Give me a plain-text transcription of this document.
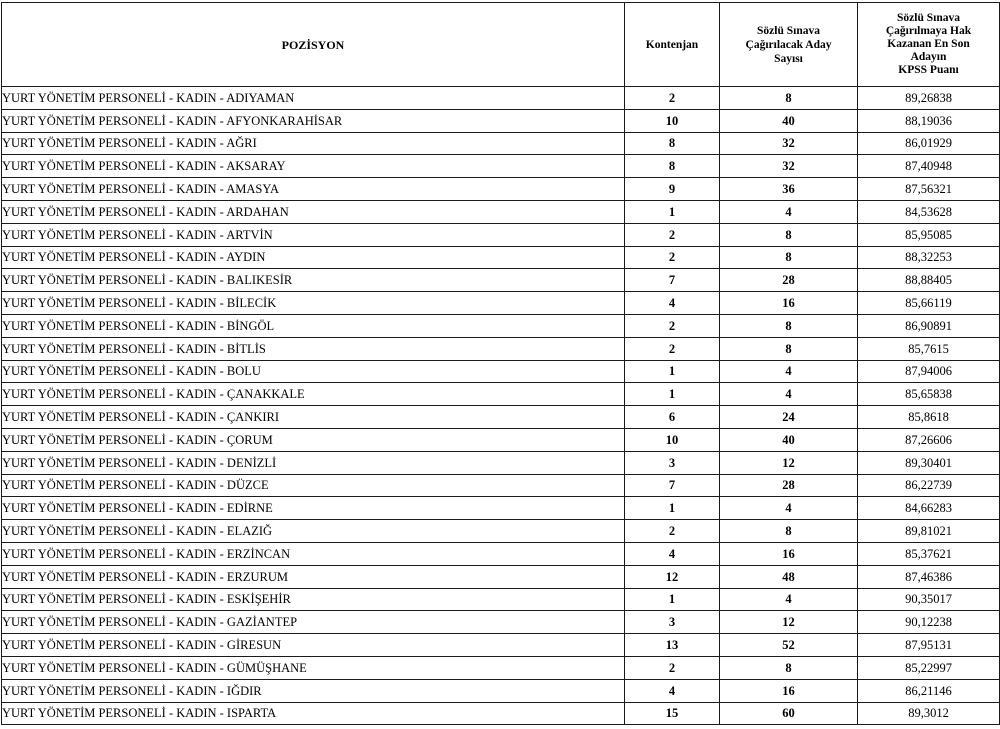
POZİSYON	Kontenjan	Sözlü Sınava
Çağırılacak Aday
Sayısı	Sözlü Sınava
Çağırılmaya Hak
Kazanan En Son
Adayın
KPSS Puanı

YURT YÖNETİM PERSONELİ - KADIN - ADIYAMAN	2	8	89,26838
YURT YÖNETİM PERSONELİ - KADIN - AFYONKARAHİSAR	10	40	88,19036
YURT YÖNETİM PERSONELİ - KADIN - AĞRI	8	32	86,01929
YURT YÖNETİM PERSONELİ - KADIN - AKSARAY	8	32	87,40948
YURT YÖNETİM PERSONELİ - KADIN - AMASYA	9	36	87,56321
YURT YÖNETİM PERSONELİ - KADIN - ARDAHAN	1	4	84,53628
YURT YÖNETİM PERSONELİ - KADIN - ARTVİN	2	8	85,95085
YURT YÖNETİM PERSONELİ - KADIN - AYDIN	2	8	88,32253
YURT YÖNETİM PERSONELİ - KADIN - BALIKESİR	7	28	88,88405
YURT YÖNETİM PERSONELİ - KADIN - BİLECİK	4	16	85,66119
YURT YÖNETİM PERSONELİ - KADIN - BİNGÖL	2	8	86,90891
YURT YÖNETİM PERSONELİ - KADIN - BİTLİS	2	8	85,7615
YURT YÖNETİM PERSONELİ - KADIN - BOLU	1	4	87,94006
YURT YÖNETİM PERSONELİ - KADIN - ÇANAKKALE	1	4	85,65838
YURT YÖNETİM PERSONELİ - KADIN - ÇANKIRI	6	24	85,8618
YURT YÖNETİM PERSONELİ - KADIN - ÇORUM	10	40	87,26606
YURT YÖNETİM PERSONELİ - KADIN - DENİZLİ	3	12	89,30401
YURT YÖNETİM PERSONELİ - KADIN - DÜZCE	7	28	86,22739
YURT YÖNETİM PERSONELİ - KADIN - EDİRNE	1	4	84,66283
YURT YÖNETİM PERSONELİ - KADIN - ELAZIĞ	2	8	89,81021
YURT YÖNETİM PERSONELİ - KADIN - ERZİNCAN	4	16	85,37621
YURT YÖNETİM PERSONELİ - KADIN - ERZURUM	12	48	87,46386
YURT YÖNETİM PERSONELİ - KADIN - ESKİŞEHİR	1	4	90,35017
YURT YÖNETİM PERSONELİ - KADIN - GAZİANTEP	3	12	90,12238
YURT YÖNETİM PERSONELİ - KADIN - GİRESUN	13	52	87,95131
YURT YÖNETİM PERSONELİ - KADIN - GÜMÜŞHANE	2	8	85,22997
YURT YÖNETİM PERSONELİ - KADIN - IĞDIR	4	16	86,21146
YURT YÖNETİM PERSONELİ - KADIN - ISPARTA	15	60	89,3012
